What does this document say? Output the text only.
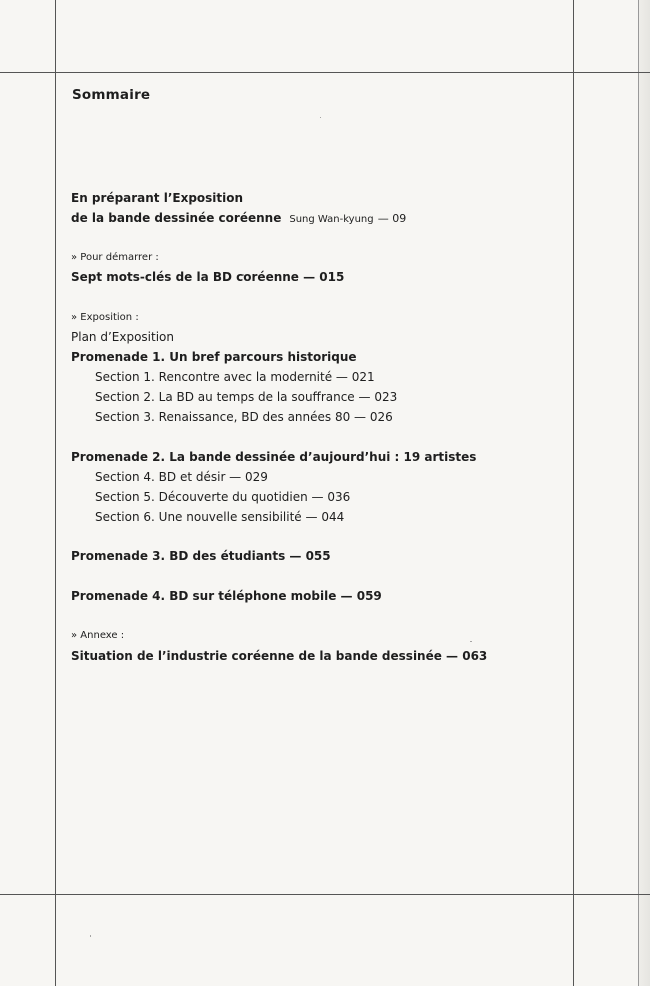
Sommaire
En préparant l’Exposition
de la bande dessinée coréenne Sung Wan-kyung — 09
» Pour démarrer :
Sept mots-clés de la BD coréenne — 015
» Exposition :
Plan d’Exposition
Promenade 1. Un bref parcours historique
Section 1. Rencontre avec la modernité — 021
Section 2. La BD au temps de la souffrance — 023
Section 3. Renaissance, BD des années 80 — 026
Promenade 2. La bande dessinée d’aujourd’hui : 19 artistes
Section 4. BD et désir — 029
Section 5. Découverte du quotidien — 036
Section 6. Une nouvelle sensibilité — 044
Promenade 3. BD des étudiants — 055
Promenade 4. BD sur téléphone mobile — 059
» Annexe :
Situation de l’industrie coréenne de la bande dessinée — 063
